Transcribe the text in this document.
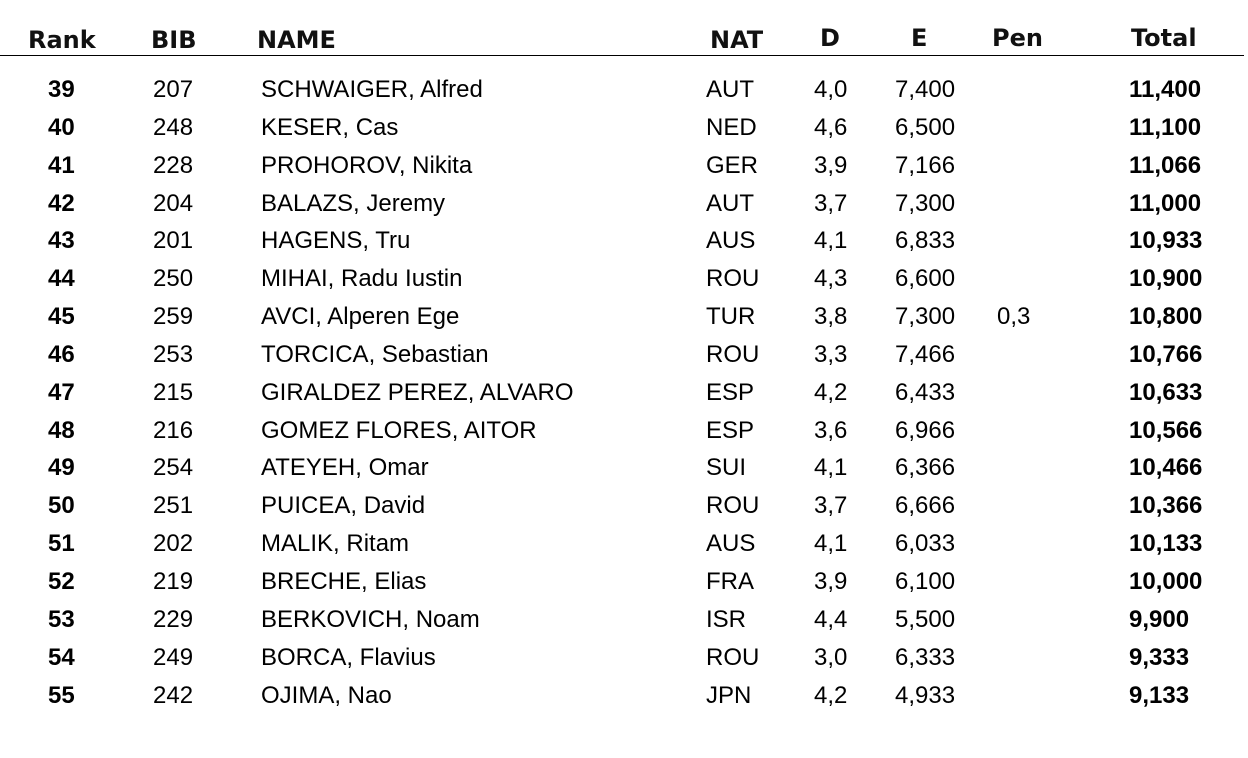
Rank BIB	NAME	NAT D	E	Pen	Total
39	207	SCHWAIGER, Alfred	AUT	4,0 7,400	11,400
40	248	KESER, Cas	NED 4,6 6,500	11,100
41	228	PROHOROV, Nikita	GER 3,9 7,166	11,066
42	204	BALAZS, Jeremy	AUT	3,7 7,300	11,000
43	201	HAGENS, Tru	AUS 4,1 6,833	10,933
44	250	MIHAI, Radu Iustin	ROU 4,3 6,600	10,900
45	259	AVCI, Alperen Ege	TUR 3,8 7,300 0,3	10,800
46	253	TORCICA, Sebastian	ROU 3,3 7,466	10,766
47	215	GIRALDEZ PEREZ, ALVARO	ESP 4,2 6,433	10,633
48	216	GOMEZ FLORES, AITOR	ESP 3,6 6,966	10,566
49	254	ATEYEH, Omar	SUI	4,1 6,366	10,466
50	251	PUICEA, David	ROU 3,7 6,666	10,366
51	202	MALIK, Ritam	AUS 4,1 6,033	10,133
52	219	BRECHE, Elias	FRA	3,9 6,100	10,000
53	229	BERKOVICH, Noam	ISR	4,4 5,500	9,900
54	249	BORCA, Flavius	ROU 3,0 6,333	9,333
55	242	OJIMA, Nao	JPN	4,2 4,933	9,133
